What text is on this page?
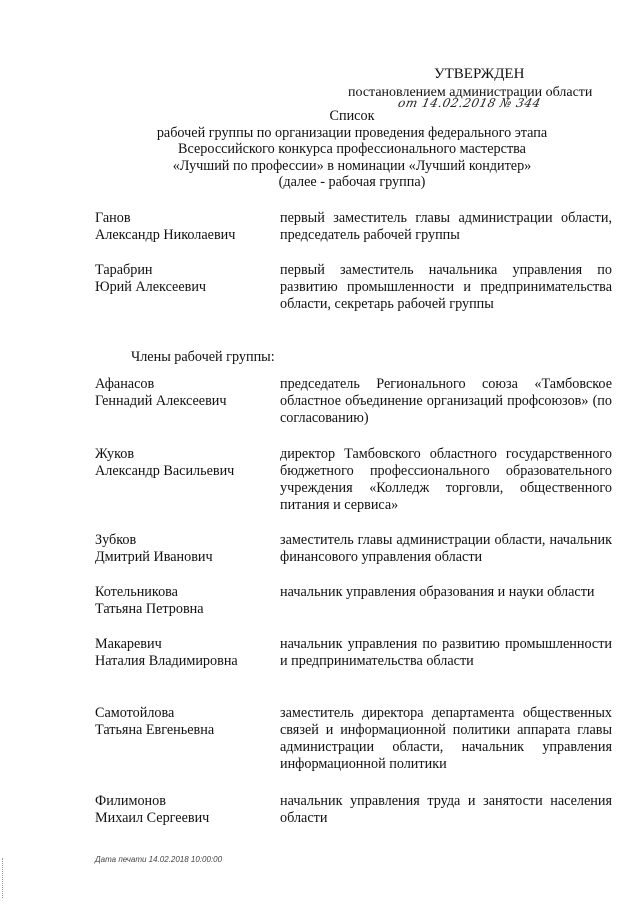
УТВЕРЖДЕН
постановлением администрации области
от 14.02.2018 № 344
Список
рабочей группы по организации проведения федерального этапа
Всероссийского конкурса профессионального мастерства
«Лучший по профессии» в номинации «Лучший кондитер»
(далее - рабочая группа)
Ганов
Александр Николаевич
первый заместитель главы администрации области, председатель рабочей группы
Тарабрин
Юрий Алексеевич
первый заместитель начальника управления по развитию промышленности и предпринимательства области, секретарь рабочей группы
Члены рабочей группы:
Афанасов
Геннадий Алексеевич
председатель Регионального союза «Тамбовское областное объединение организаций профсоюзов» (по согласованию)
Жуков
Александр Васильевич
директор Тамбовского областного государственного бюджетного профессионального образовательного учреждения «Колледж торговли, общественного питания и сервиса»
Зубков
Дмитрий Иванович
заместитель главы администрации области, начальник финансового управления области
Котельникова
Татьяна Петровна
начальник управления образования и науки области
Макаревич
Наталия Владимировна
начальник управления по развитию промышленности и предпринимательства области
Самотойлова
Татьяна Евгеньевна
заместитель директора департамента общественных связей и информационной политики аппарата главы администрации области, начальник управления информационной политики
Филимонов
Михаил Сергеевич
начальник управления труда и занятости населения области
Дата печати 14.02.2018 10:00:00
